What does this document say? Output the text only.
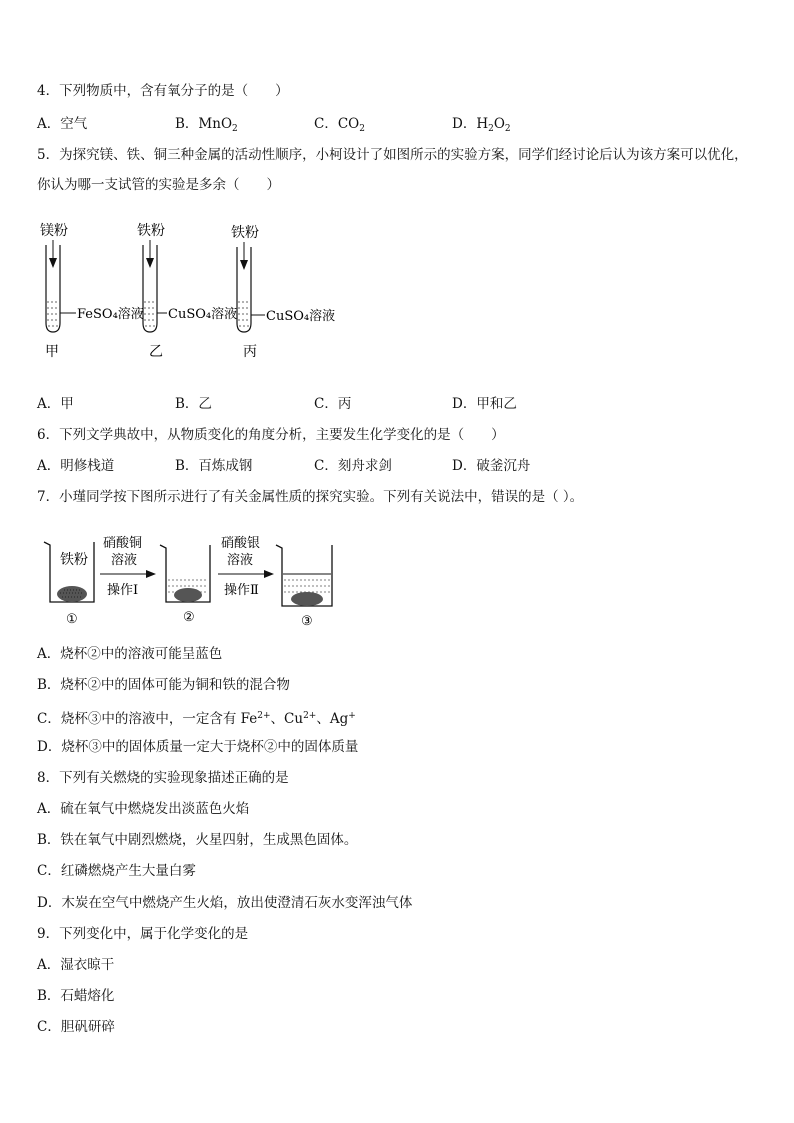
4．下列物质中，含有氧分子的是（　　）
A．空气	B．MnO$_2$	C．$CO_2$	D．$H_2O_2$
5．为探究镁、铁、铜三种金属的活动性顺序，小柯设计了如图所示的实验方案，同学们经讨论后认为该方案可以优化，
你认为哪一支试管的实验是多余（　　）
镁粉
FeSO₄溶液
甲
铁粉
CuSO₄溶液
乙
铁粉
CuSO₄溶液
丙
A．甲	B．乙	C．丙	D．甲和乙
6．下列文学典故中，从物质变化的角度分析，主要发生化学变化的是（　　）
A．明修栈道	B．百炼成钢	C．刻舟求剑	D．破釜沉舟
7．小瑾同学按下图所示进行了有关金属性质的探究实验。下列有关说法中，错误的是（ ）。
铁粉
①
硝酸铜
溶液
操作Ⅰ
②
硝酸银
溶液
操作Ⅱ
③
A．烧杯②中的溶液可能呈蓝色
B．烧杯②中的固体可能为铜和铁的混合物
C．烧杯③中的溶液中，一定含有 $Fe^{2+}$、$Cu^{2+}$、Ag+
D．烧杯③中的固体质量一定大于烧杯②中的固体质量
8．下列有关燃烧的实验现象描述正确的是
A．硫在氧气中燃烧发出淡蓝色火焰
B．铁在氧气中剧烈燃烧，火星四射，生成黑色固体。
C．红磷燃烧产生大量白雾
D．木炭在空气中燃烧产生火焰，放出使澄清石灰水变浑浊气体
9．下列变化中，属于化学变化的是
A．湿衣晾干
B．石蜡熔化
C．胆矾研碎
